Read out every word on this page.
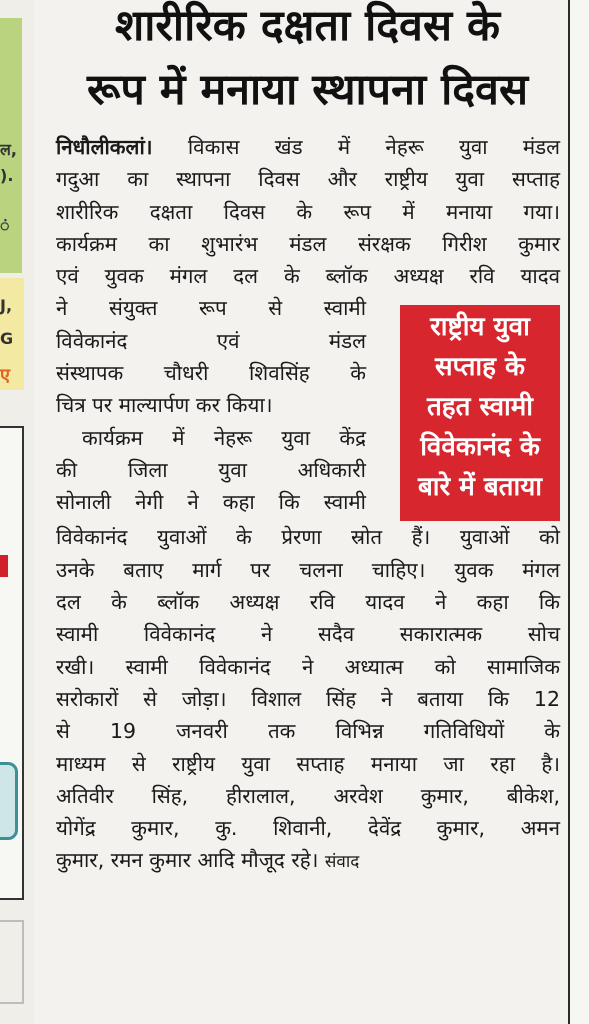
ल,
).
ं
J,
G
ए
शारीरिक दक्षता दिवस के
रूप में मनाया स्थापना दिवस
निधौलीकलां। विकास खंड में नेहरू युवा मंडल
गदुआ का स्थापना दिवस और राष्ट्रीय युवा सप्ताह
शारीरिक दक्षता दिवस के रूप में मनाया गया।
कार्यक्रम का शुभारंभ मंडल संरक्षक गिरीश कुमार
एवं युवक मंगल दल के ब्लॉक अध्यक्ष रवि यादव
ने संयुक्त रूप से स्वामी
विवेकानंद एवं मंडल
संस्थापक चौधरी शिवसिंह के
चित्र पर माल्यार्पण कर किया।
कार्यक्रम में नेहरू युवा केंद्र
की जिला युवा अधिकारी
सोनाली नेगी ने कहा कि स्वामी
राष्ट्रीय युवा
सप्ताह के
तहत स्वामी
विवेकानंद के
बारे में बताया
विवेकानंद युवाओं के प्रेरणा स्रोत हैं। युवाओं को
उनके बताए मार्ग पर चलना चाहिए। युवक मंगल
दल के ब्लॉक अध्यक्ष रवि यादव ने कहा कि
स्वामी विवेकानंद ने सदैव सकारात्मक सोच
रखी। स्वामी विवेकानंद ने अध्यात्म को सामाजिक
सरोकारों से जोड़ा। विशाल सिंह ने बताया कि 12
से 19 जनवरी तक विभिन्न गतिविधियों के
माध्यम से राष्ट्रीय युवा सप्ताह मनाया जा रहा है।
अतिवीर सिंह, हीरालाल, अरवेश कुमार, बीकेश,
योगेंद्र कुमार, कु. शिवानी, देवेंद्र कुमार, अमन
कुमार, रमन कुमार आदि मौजूद रहे। संवाद
